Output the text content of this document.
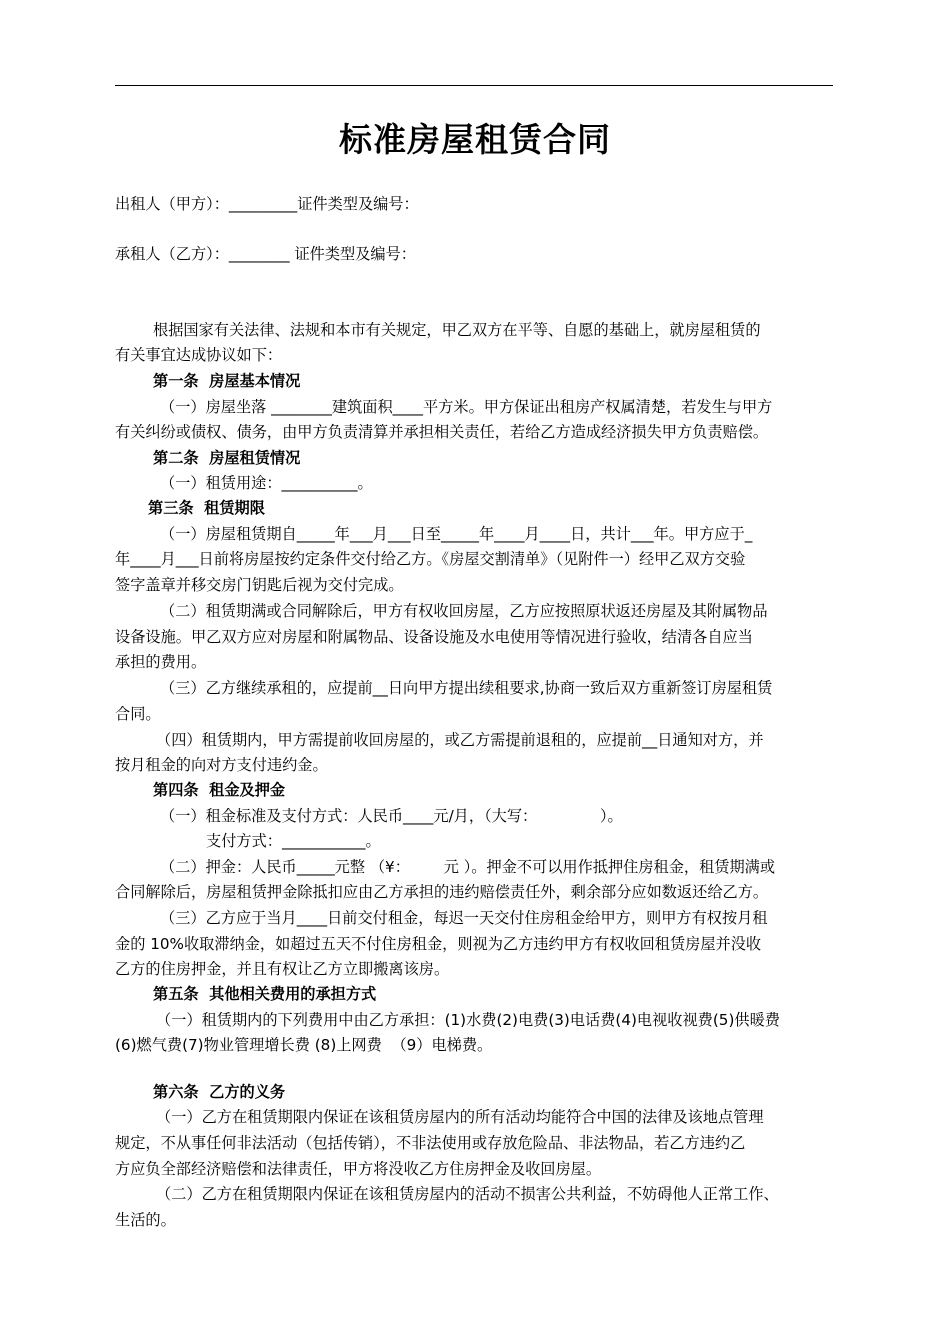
标准房屋租赁合同
出租人（甲方）：_________证件类型及编号：
承租人（乙方）：________ 证件类型及编号：
根据国家有关法律、法规和本市有关规定，甲乙双方在平等、自愿的基础上，就房屋租赁的
有关事宜达成协议如下：
第一条  房屋基本情况
（一）房屋坐落 ________建筑面积____平方米。甲方保证出租房产权属清楚，若发生与甲方
有关纠纷或债权、债务，由甲方负责清算并承担相关责任，若给乙方造成经济损失甲方负责赔偿。
第二条  房屋租赁情况
（一）租赁用途：__________。
第三条  租赁期限
（一）房屋租赁期自_____年___月___日至_____年____月____日，共计___年。甲方应于_
年____月___日前将房屋按约定条件交付给乙方。《房屋交割清单》（见附件一）经甲乙双方交验
签字盖章并移交房门钥匙后视为交付完成。
（二）租赁期满或合同解除后，甲方有权收回房屋，乙方应按照原状返还房屋及其附属物品
设备设施。甲乙双方应对房屋和附属物品、设备设施及水电使用等情况进行验收，结清各自应当
承担的费用。
（三）乙方继续承租的，应提前__日向甲方提出续租要求,协商一致后双方重新签订房屋租赁
合同。
（四）租赁期内，甲方需提前收回房屋的，或乙方需提前退租的，应提前__日通知对方，并
按月租金的向对方支付违约金。
第四条  租金及押金
（一）租金标准及支付方式：人民币____元/月，（大写：             ）。
支付方式：___________。
（二）押金：人民币_____元整 （¥：       元 ）。押金不可以用作抵押住房租金，租赁期满或
合同解除后，房屋租赁押金除抵扣应由乙方承担的违约赔偿责任外，剩余部分应如数返还给乙方。
（三）乙方应于当月____日前交付租金，每迟一天交付住房租金给甲方，则甲方有权按月租
金的 10%收取滞纳金，如超过五天不付住房租金，则视为乙方违约甲方有权收回租赁房屋并没收
乙方的住房押金，并且有权让乙方立即搬离该房。
第五条  其他相关费用的承担方式
（一）租赁期内的下列费用中由乙方承担：(1)水费(2)电费(3)电话费(4)电视收视费(5)供暖费
(6)燃气费(7)物业管理增长费 (8)上网费  （9）电梯费。
第六条  乙方的义务
（一）乙方在租赁期限内保证在该租赁房屋内的所有活动均能符合中国的法律及该地点管理
规定，不从事任何非法活动（包括传销），不非法使用或存放危险品、非法物品，若乙方违约乙
方应负全部经济赔偿和法律责任，甲方将没收乙方住房押金及收回房屋。
（二）乙方在租赁期限内保证在该租赁房屋内的活动不损害公共利益，不妨碍他人正常工作、
生活的。
